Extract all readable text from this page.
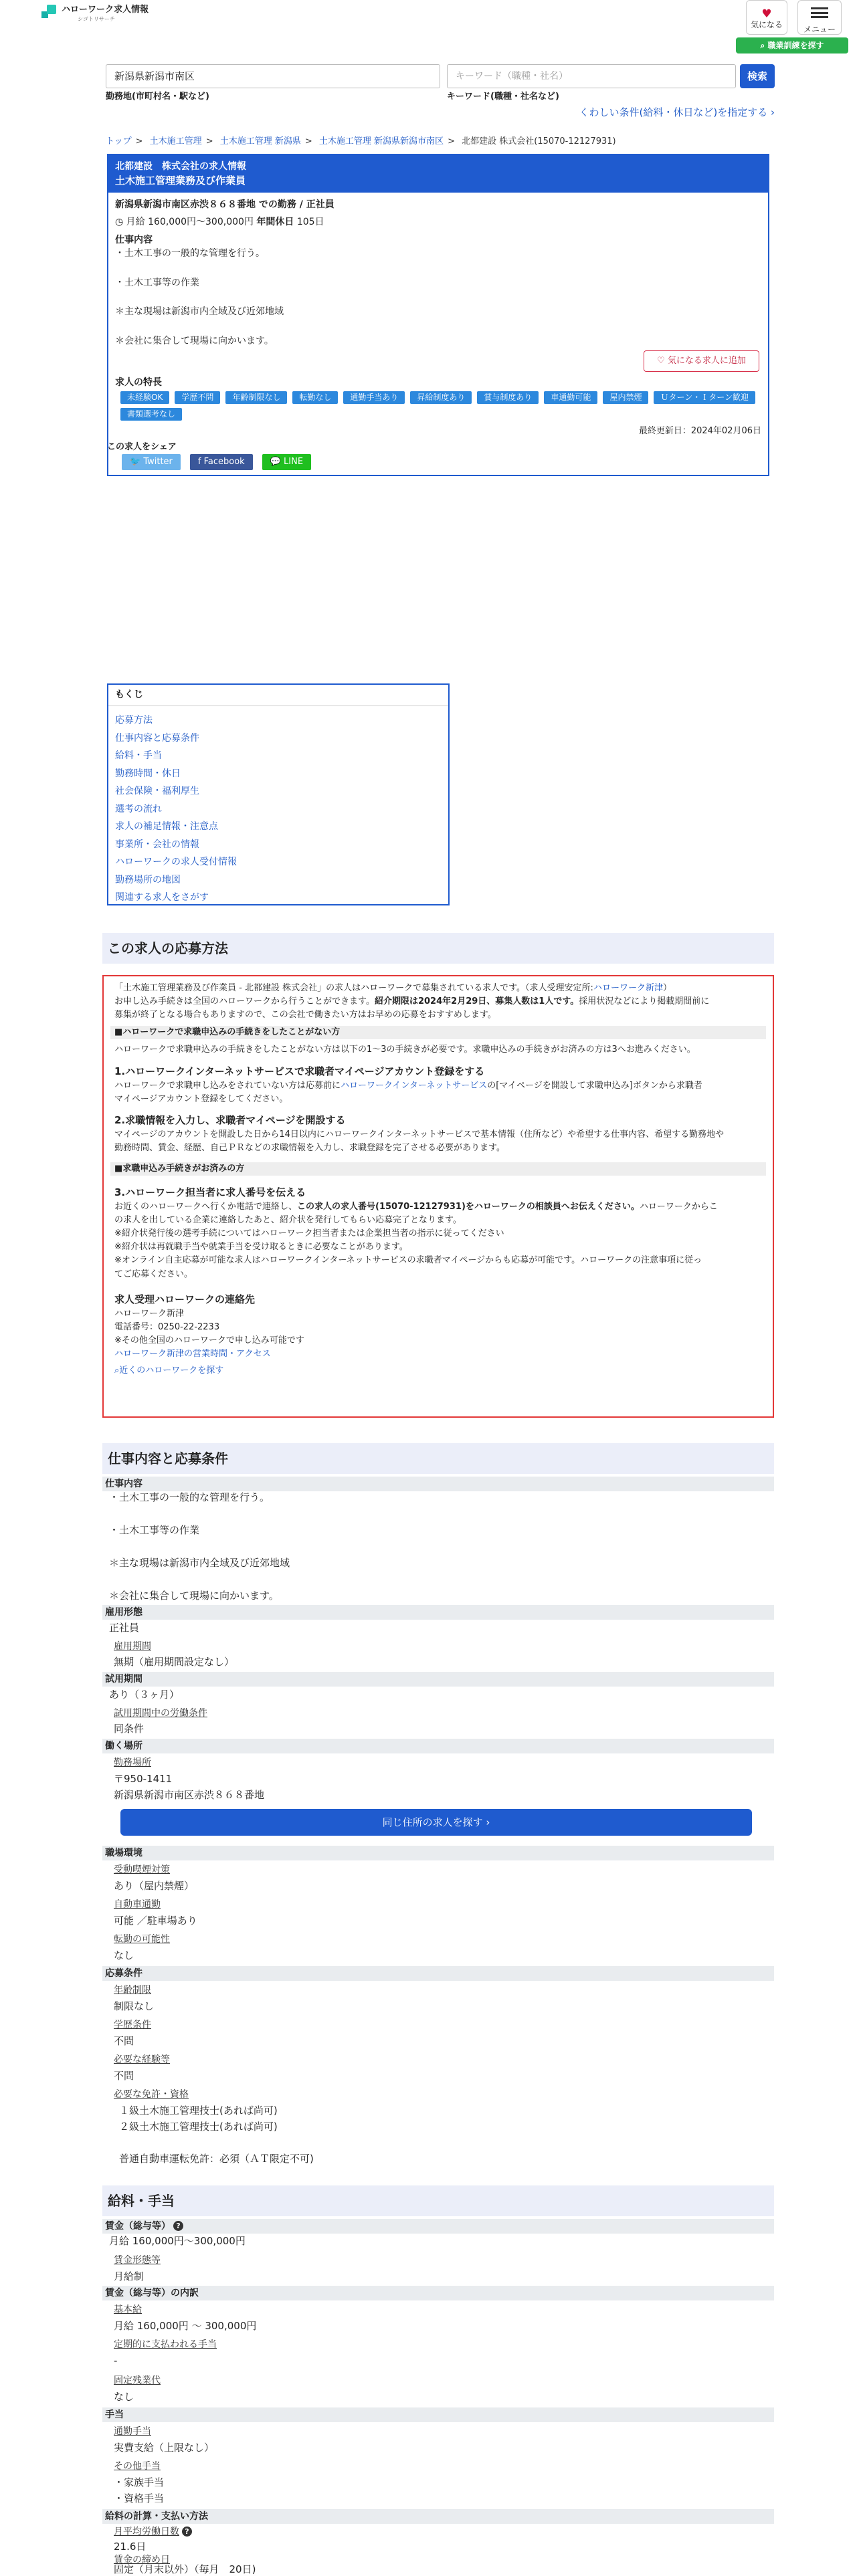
ハローワーク求人情報
シゴトリサーチ	♥
気になる
メニュー
⌕ 職業訓練を探す
新潟県新潟市南区	キーワード（職種・社名）	検索
勤務地(市町村名・駅など)	キーワード(職種・社名など)
くわしい条件(給料・休日など)を指定する ›
トップ > 土木施工管理 > 土木施工管理 新潟県 > 土木施工管理 新潟県新潟市南区 > 北都建設 株式会社(15070-12127931)
北都建設　株式会社の求人情報
土木施工管理業務及び作業員
新潟県新潟市南区赤渋８６８番地 での勤務 / 正社員
◷ 月給 160,000円〜300,000円 年間休日 105日
仕事内容
・土木工事の一般的な管理を行う。
・土木工事等の作業
＊主な現場は新潟市内全域及び近郊地域
＊会社に集合して現場に向かいます。
♡ 気になる求人に追加
求人の特長
未経験OK	学歴不問	年齢制限なし	転勤なし	通勤手当あり	昇給制度あり	賞与制度あり	車通勤可能	屋内禁煙	Ｕターン・Ｉターン歓迎
書類選考なし
最終更新日：2024年02月06日
この求人をシェア
🐦 Twitter	f Facebook	💬 LINE
もくじ
応募方法
仕事内容と応募条件
給料・手当
勤務時間・休日
社会保険・福利厚生
選考の流れ
求人の補足情報・注意点
事業所・会社の情報
ハローワークの求人受付情報
勤務場所の地図
関連する求人をさがす
この求人の応募方法

「土木施工管理業務及び作業員 - 北都建設 株式会社」の求人はハローワークで募集されている求人です。（求人受理安定所:ハローワーク新津）

お申し込み手続きは全国のハローワークから行うことができます。紹介期限は2024年2月29日、募集人数は1人です。採用状況などにより掲載期間前に

募集が終了となる場合もありますので、この会社で働きたい方はお早めの応募をおすすめします。

■ハローワークで求職申込みの手続きをしたことがない方

ハローワークで求職申込みの手続きをしたことがない方は以下の1〜3の手続きが必要です。求職申込みの手続きがお済みの方は3へお進みください。

1.ハローワークインターネットサービスで求職者マイページアカウント登録をする

ハローワークで求職申し込みをされていない方は応募前にハローワークインターネットサービスの[マイページを開設して求職申込み]ボタンから求職者

マイページアカウント登録をしてください。

2.求職情報を入力し、求職者マイページを開設する

マイページのアカウントを開設した日から14日以内にハローワークインターネットサービスで基本情報（住所など）や希望する仕事内容、希望する勤務地や

勤務時間、賃金、経歴、自己ＰＲなどの求職情報を入力し、求職登録を完了させる必要があります。

■求職申込み手続きがお済みの方
3.ハローワーク担当者に求人番号を伝える

お近くのハローワークへ行くか電話で連絡し、この求人の求人番号(15070-12127931)をハローワークの相談員へお伝えください。ハローワークからこ

の求人を出している企業に連絡したあと、紹介状を発行してもらい応募完了となります。

※紹介状発行後の選考手続についてはハローワーク担当者または企業担当者の指示に従ってください

※紹介状は再就職手当や就業手当を受け取るときに必要なことがあります。

※オンライン自主応募が可能な求人はハローワークインターネットサービスの求職者マイページからも応募が可能です。ハローワークの注意事項に従っ

てご応募ください。

求人受理ハローワークの連絡先

ハローワーク新津

電話番号：0250-22-2233

※その他全国のハローワークで申し込み可能です

ハローワーク新津の営業時間・アクセス

⌕近くのハローワークを探す

仕事内容と応募条件
仕事内容
・土木工事の一般的な管理を行う。
・土木工事等の作業
＊主な現場は新潟市内全域及び近郊地域
＊会社に集合して現場に向かいます。
雇用形態
正社員
雇用期間
無期（雇用期間設定なし）
試用期間
あり（３ヶ月）
試用期間中の労働条件
同条件
働く場所
勤務場所
〒950-1411
新潟県新潟市南区赤渋８６８番地
同じ住所の求人を探す ›
職場環境
受動喫煙対策
あり（屋内禁煙）
自動車通勤
可能 ／駐車場あり
転勤の可能性
なし
応募条件
年齢制限
制限なし
学歴条件
不問
必要な経験等
不問
必要な免許・資格
１級土木施工管理技士(あれば尚可)
２級土木施工管理技士(あれば尚可)
普通自動車運転免許：必須（ＡＴ限定不可)
給料・手当
賃金（総与等） ?
月給 160,000円〜300,000円
賃金形態等
月給制
賃金（総与等）の内訳
基本給
月給 160,000円 〜 300,000円
定期的に支払われる手当
-
固定残業代
なし
手当
通勤手当
実費支給（上限なし）
その他手当
・家族手当
・資格手当
給料の計算・支払い方法
月平均労働日数 ?
21.6日
賃金の締め日
固定（月末以外）（毎月　20日)
